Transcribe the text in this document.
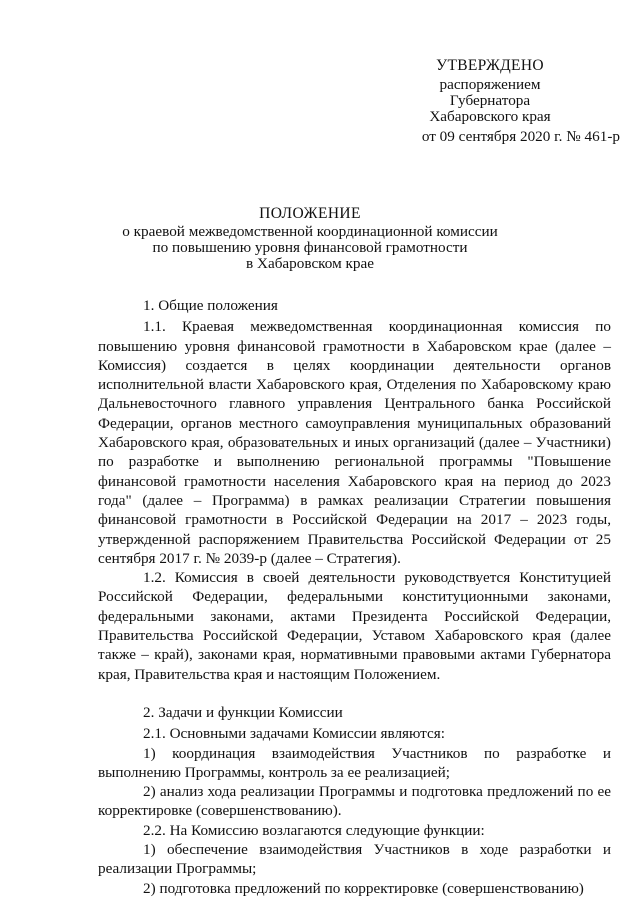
УТВЕРЖДЕНО
распоряжением
Губернатора
Хабаровского края
от 09 сентября 2020 г. № 461-р
ПОЛОЖЕНИЕ
о краевой межведомственной координационной комиссии
по повышению уровня финансовой грамотности
в Хабаровском крае

1. Общие положения

1.1. Краевая межведомственная координационная комиссия по повышению уровня финансовой грамотности в Хабаровском крае (далее – Комиссия) создается в целях координации деятельности органов исполнительной власти Хабаровского края, Отделения по Хабаровскому краю Дальневосточного главного управления Центрального банка Российской Федерации, органов местного самоуправления муниципальных образований Хабаровского края, образовательных и иных организаций (далее – Участники) по разработке и выполнению региональной программы "Повышение финансовой грамотности населения Хабаровского края на период до 2023 года" (далее – Программа) в рамках реализации Стратегии повышения финансовой грамотности в Российской Федерации на 2017 – 2023 годы, утвержденной распоряжением Правительства Российской Федерации от 25 сентября 2017 г. № 2039-р (далее – Стратегия).

1.2. Комиссия в своей деятельности руководствуется Конституцией Российской Федерации, федеральными конституционными законами, федеральными законами, актами Президента Российской Федерации, Правительства Российской Федерации, Уставом Хабаровского края (далее также – край), законами края, нормативными правовыми актами Губернатора края, Правительства края и настоящим Положением.

2. Задачи и функции Комиссии

2.1. Основными задачами Комиссии являются:

1) координация взаимодействия Участников по разработке и выполнению Программы, контроль за ее реализацией;

2) анализ хода реализации Программы и подготовка предложений по ее корректировке (совершенствованию).

2.2. На Комиссию возлагаются следующие функции:

1) обеспечение взаимодействия Участников в ходе разработки и реализации Программы;

2) подготовка предложений по корректировке (совершенствованию)
